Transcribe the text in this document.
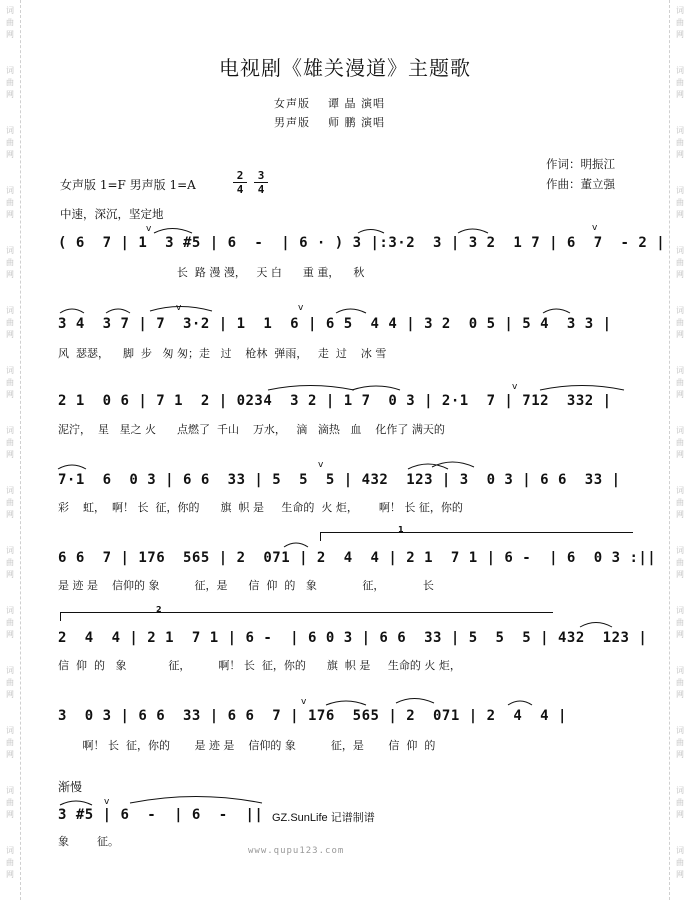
词
曲
网
词
曲
网
词
曲
网
词
曲
网
词
曲
网
词
曲
网
词
曲
网
词
曲
网
词
曲
网
词
曲
网
词
曲
网
词
曲
网
词
曲
网
词
曲
网
词
曲
网
词
曲
网
词
曲
网
词
曲
网
词
曲
网
词
曲
网
词
曲
网
词
曲
网
词
曲
网
词
曲
网
词
曲
网
词
曲
网
词
曲
网
词
曲
网
词
曲
网
词
曲
网
电视剧《雄关漫道》主题歌
女声版 谭 晶 演唱
男声版 师 鹏 演唱
作词：明振江
作曲：董立强
女声版 1=F 男声版 1=A	$\frac{2}{4} \frac{3}{4}$
中速，深沉，坚定地
( 6  7 | 1  3 #5 | 6  -  | 6 · ) 3 |:3·2  3 | 3 2  1 7 | 6  7  - 2 |
长  路 漫 漫，   天 白      重 重，    秋
3 4  3 7 | 7  3·2 | 1  1  6 | 6 5  4 4 | 3 2  0 5 | 5 4  3 3 |
风  瑟瑟，    脚  步   匆 匆；走   过    枪林  弹雨，   走  过    冰 雪
2 1  0 6 | 7 1  2 | 0234  3 2 | 1 7  0 3 | 2·1  7 | 712  332 |
泥泞，  星   星之 火      点燃了  千山    万水，   滴   滴热   血    化作了 满天的
7·1  6  0 3 | 6 6  33 | 5  5  5 | 432  123 | 3  0 3 | 6 6  33 |
彩    虹，  啊！ 长  征，你的      旗  帜 是     生命的  火 炬，      啊！ 长 征，你的
1
6 6  7 | 176  565 | 2  071 | 2  4  4 | 2 1  7 1 | 6 -  | 6  0 3 :||
是 迹 是    信仰的 象          征，是      信  仰  的   象             征，           长
2
2  4  4 | 2 1  7 1 | 6 -  | 6 0 3 | 6 6  33 | 5  5  5 | 432  123 |
信  仰  的   象            征，        啊！ 长  征，你的      旗  帜 是     生命的 火 炬，
3  0 3 | 6 6  33 | 6 6  7 | 176  565 | 2  071 | 2  4  4 |
啊！ 长  征，你的       是 迹 是    信仰的 象          征，是       信  仰  的
渐慢
3 #5 | 6  -  | 6  -  ||
象        征。
GZ.SunLife 记谱制谱
www.qupu123.com
v	v
v	v
v
v
v
v
